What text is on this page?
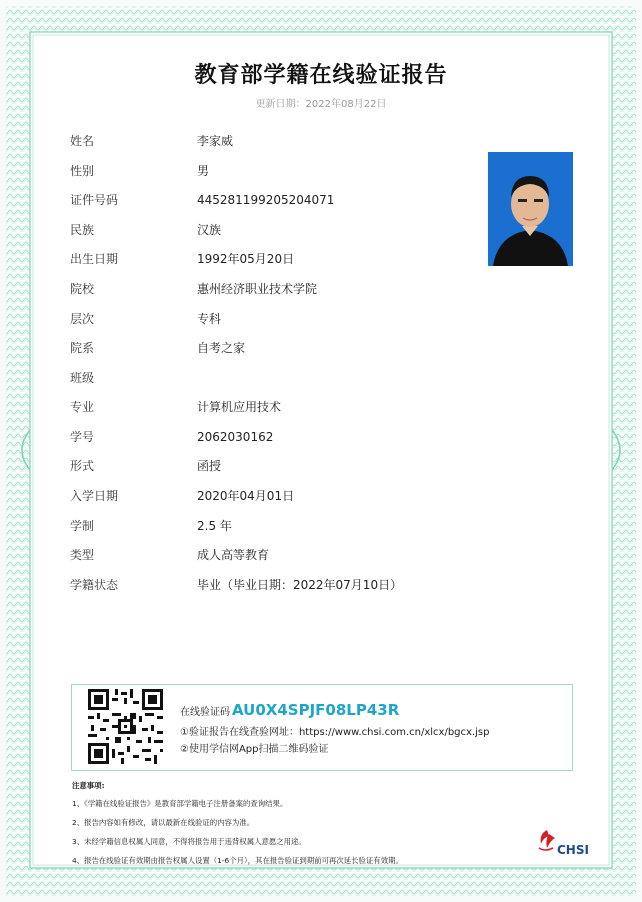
教育部学籍在线验证报告
更新日期：2022年08月22日
姓名	李家威
性别	男
证件号码	445281199205204071
民族	汉族
出生日期	1992年05月20日
院校	惠州经济职业技术学院
层次	专科
院系	自考之家
班级
专业	计算机应用技术
学号	2062030162
形式	函授
入学日期	2020年04月01日
学制	2.5 年
类型	成人高等教育
学籍状态	毕业（毕业日期：2022年07月10日）
在线验证码 AU0X4SPJF08LP43R
①验证报告在线查验网址：https://www.chsi.com.cn/xlcx/bgcx.jsp
②使用学信网App扫描二维码验证
注意事项:
1、《学籍在线验证报告》是教育部学籍电子注册备案的查询结果。
2、报告内容如有修改，请以最新在线验证的内容为准。
3、未经学籍信息权属人同意，不得将报告用于违背权属人意愿之用途。
4、报告在线验证有效期由报告权属人设置（1-6个月），其在报告验证到期前可再次延长验证有效期。
CHSI
